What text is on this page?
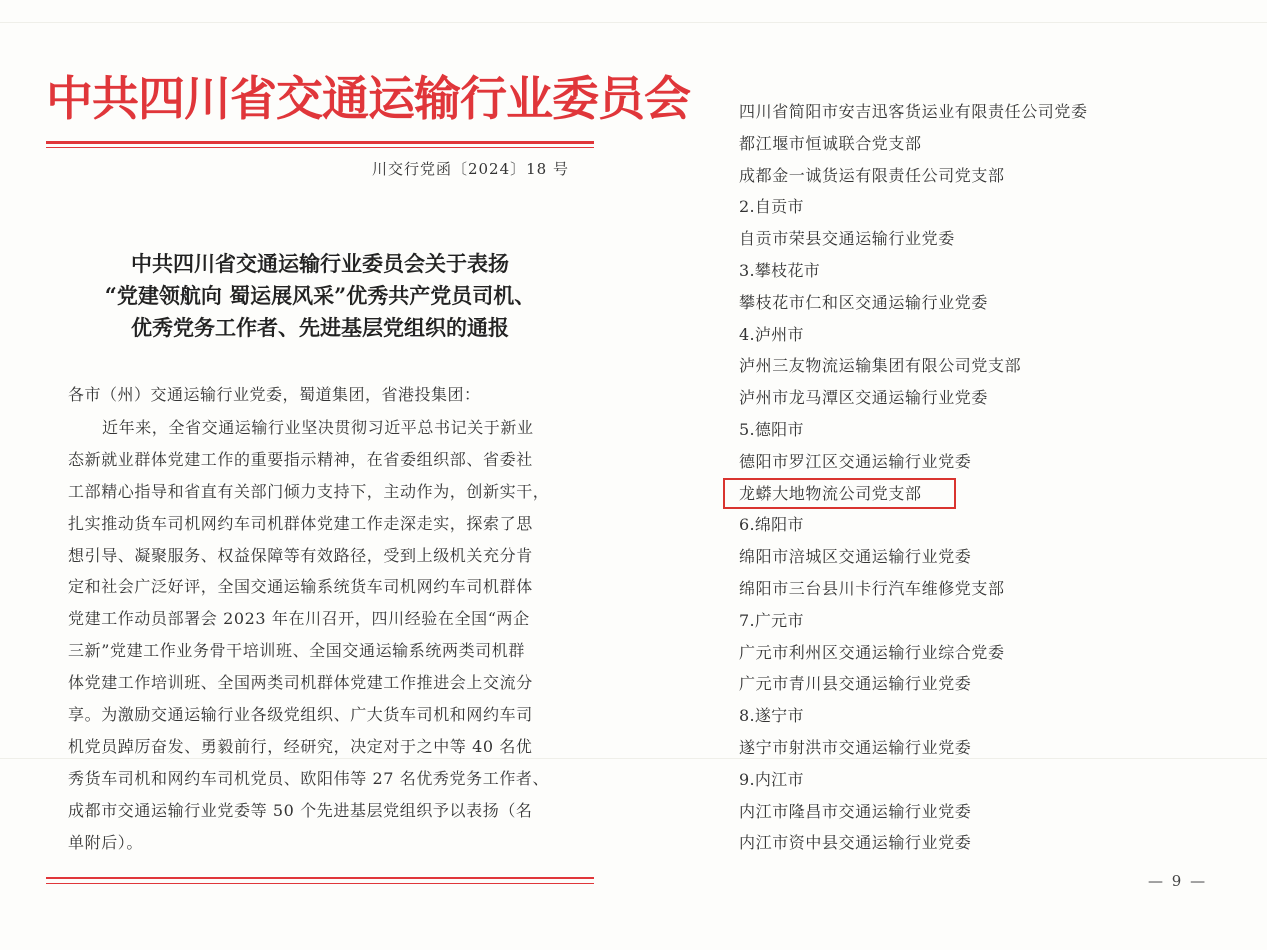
中共四川省交通运输行业委员会
川交行党函〔2024〕18 号
中共四川省交通运输行业委员会关于表扬
“党建领航向 蜀运展风采”优秀共产党员司机、
优秀党务工作者、先进基层党组织的通报
各市（州）交通运输行业党委，蜀道集团，省港投集团：
近年来，全省交通运输行业坚决贯彻习近平总书记关于新业
态新就业群体党建工作的重要指示精神，在省委组织部、省委社
工部精心指导和省直有关部门倾力支持下，主动作为，创新实干，
扎实推动货车司机网约车司机群体党建工作走深走实，探索了思
想引导、凝聚服务、权益保障等有效路径，受到上级机关充分肯
定和社会广泛好评，全国交通运输系统货车司机网约车司机群体
党建工作动员部署会 2023 年在川召开，四川经验在全国“两企
三新”党建工作业务骨干培训班、全国交通运输系统两类司机群
体党建工作培训班、全国两类司机群体党建工作推进会上交流分
享。为激励交通运输行业各级党组织、广大货车司机和网约车司
机党员踔厉奋发、勇毅前行，经研究，决定对于之中等 40 名优
秀货车司机和网约车司机党员、欧阳伟等 27 名优秀党务工作者、
成都市交通运输行业党委等 50 个先进基层党组织予以表扬（名
单附后）。
四川省简阳市安吉迅客货运业有限责任公司党委
都江堰市恒诚联合党支部
成都金一诚货运有限责任公司党支部
2.自贡市
自贡市荣县交通运输行业党委
3.攀枝花市
攀枝花市仁和区交通运输行业党委
4.泸州市
泸州三友物流运输集团有限公司党支部
泸州市龙马潭区交通运输行业党委
5.德阳市
德阳市罗江区交通运输行业党委
龙蟒大地物流公司党支部
6.绵阳市
绵阳市涪城区交通运输行业党委
绵阳市三台县川卡行汽车维修党支部
7.广元市
广元市利州区交通运输行业综合党委
广元市青川县交通运输行业党委
8.遂宁市
遂宁市射洪市交通运输行业党委
9.内江市
内江市隆昌市交通运输行业党委
内江市资中县交通运输行业党委
— 9 —
